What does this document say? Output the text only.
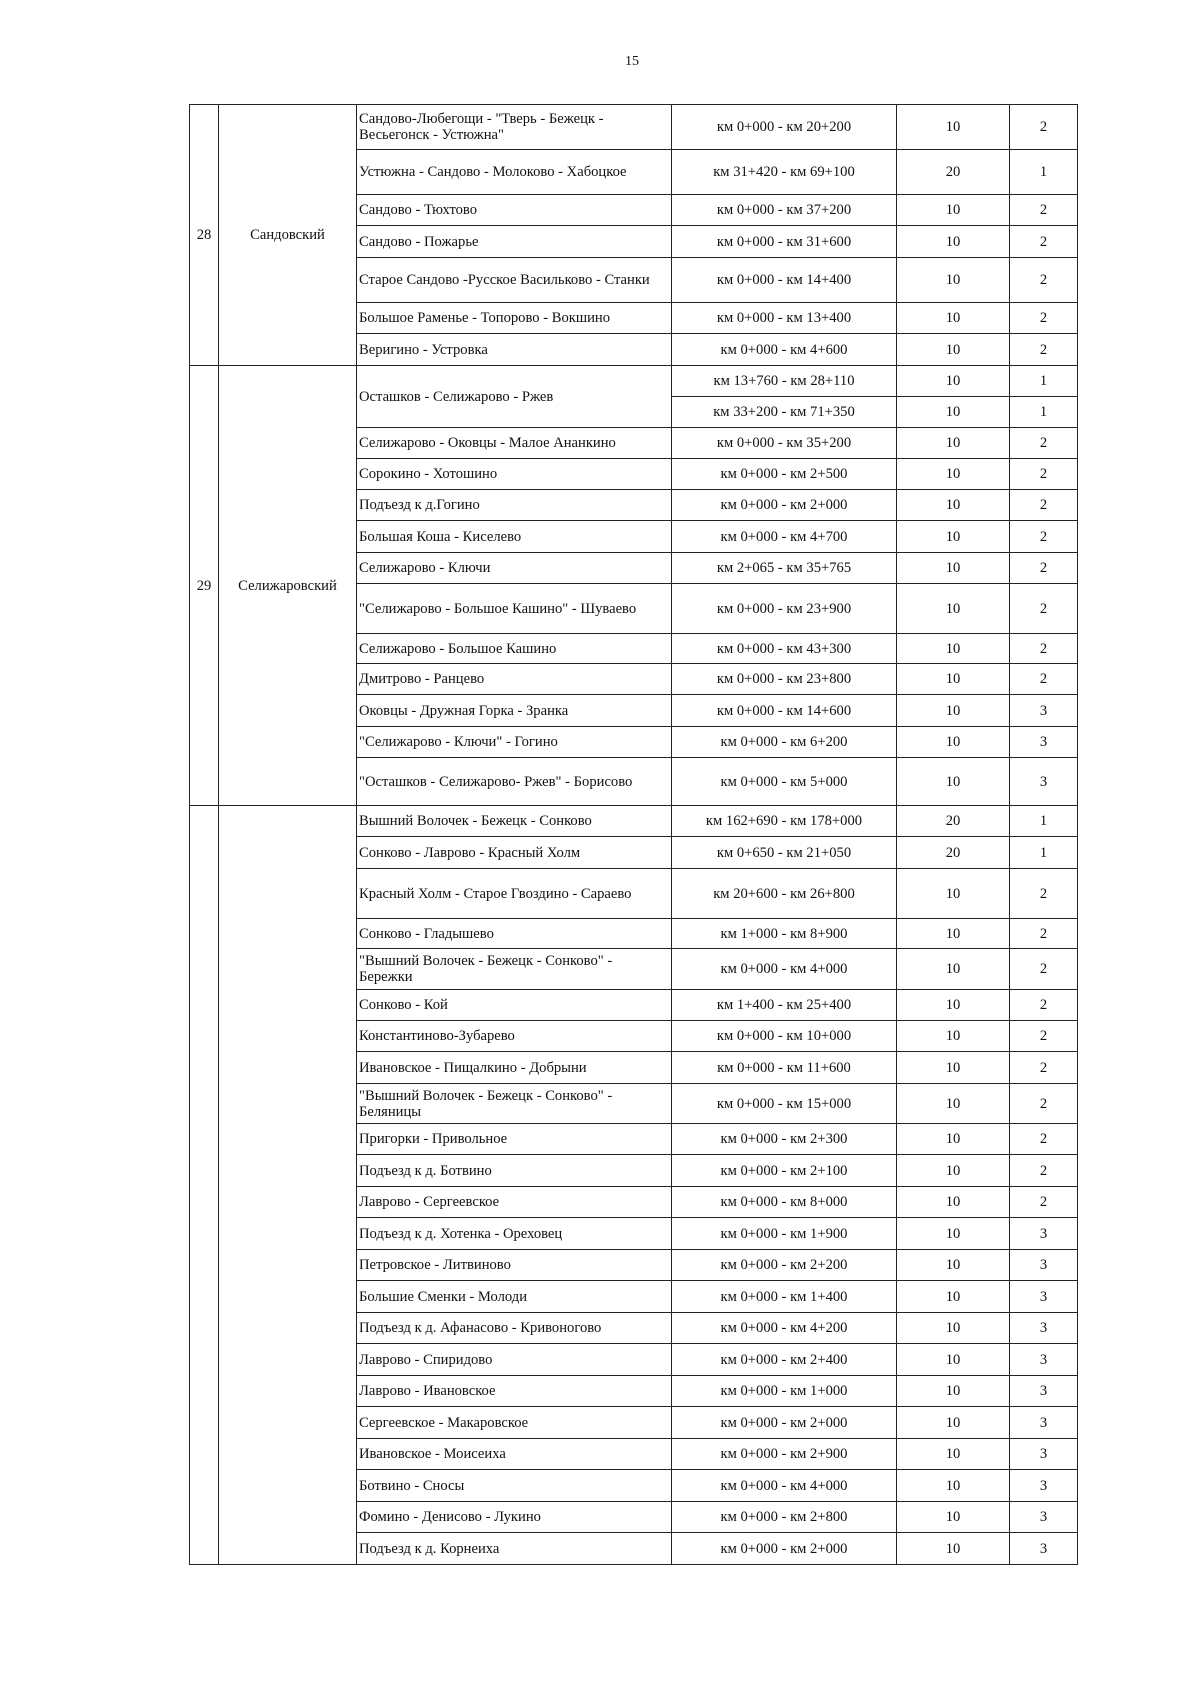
15
28	Сандовский	Сандово-Любегощи - "Тверь - Бежецк - Весьегонск - Устюжна"	км 0+000 - км 20+200	10	2
		Устюжна - Сандово - Молоково - Хабоцкое	км 31+420 - км 69+100	20	1
		Сандово - Тюхтово	км 0+000 - км 37+200	10	2
		Сандово - Пожарье	км 0+000 - км 31+600	10	2
		Старое Сандово -Русское Васильково - Станки	км 0+000 - км 14+400	10	2
		Большое Раменье - Топорово - Вокшино	км 0+000 - км 13+400	10	2
		Веригино - Устровка	км 0+000 - км 4+600	10	2
29	Селижаровский	Осташков - Селижарово - Ржев	км 13+760 - км 28+110	10	1
			км 33+200 - км 71+350	10	1
		Селижарово - Оковцы - Малое Ананкино	км 0+000 - км 35+200	10	2
		Сорокино - Хотошино	км 0+000 - км 2+500	10	2
		Подъезд к д.Гогино	км 0+000 - км 2+000	10	2
		Большая Коша - Киселево	км 0+000 - км 4+700	10	2
		Селижарово - Ключи	км 2+065 - км 35+765	10	2
		"Селижарово - Большое Кашино" - Шуваево	км 0+000 - км 23+900	10	2
		Селижарово - Большое Кашино	км 0+000 - км 43+300	10	2
		Дмитрово - Ранцево	км 0+000 - км 23+800	10	2
		Оковцы - Дружная Горка - Зранка	км 0+000 - км 14+600	10	3
		"Селижарово - Ключи" - Гогино	км 0+000 - км 6+200	10	3
		"Осташков - Селижарово- Ржев" - Борисово	км 0+000 - км 5+000	10	3
		Вышний Волочек - Бежецк - Сонково	км 162+690 - км 178+000	20	1
		Сонково - Лаврово - Красный Холм	км 0+650 - км 21+050	20	1
		Красный Холм - Старое Гвоздино - Сараево	км 20+600 - км 26+800	10	2
		Сонково - Гладышево	км 1+000 - км 8+900	10	2
		"Вышний Волочек - Бежецк - Сонково" - Бережки	км 0+000 - км 4+000	10	2
		Сонково - Кой	км 1+400 - км 25+400	10	2
		Константиново-Зубарево	км 0+000 - км 10+000	10	2
		Ивановское - Пищалкино - Добрыни	км 0+000 - км 11+600	10	2
		"Вышний Волочек - Бежецк - Сонково" - Беляницы	км 0+000 - км 15+000	10	2
		Пригорки - Привольное	км 0+000 - км 2+300	10	2
		Подъезд к д. Ботвино	км 0+000 - км 2+100	10	2
		Лаврово - Сергеевское	км 0+000 - км 8+000	10	2
		Подъезд к д. Хотенка - Ореховец	км 0+000 - км 1+900	10	3
		Петровское - Литвиново	км 0+000 - км 2+200	10	3
		Большие Сменки - Молоди	км 0+000 - км 1+400	10	3
		Подъезд к д. Афанасово - Кривоногово	км 0+000 - км 4+200	10	3
		Лаврово - Спиридово	км 0+000 - км 2+400	10	3
		Лаврово - Ивановское	км 0+000 - км 1+000	10	3
		Сергеевское - Макаровское	км 0+000 - км 2+000	10	3
		Ивановское - Моисеиха	км 0+000 - км 2+900	10	3
		Ботвино - Сносы	км 0+000 - км 4+000	10	3
		Фомино - Денисово - Лукино	км 0+000 - км 2+800	10	3
		Подъезд к д. Корнеиха	км 0+000 - км 2+000	10	3
